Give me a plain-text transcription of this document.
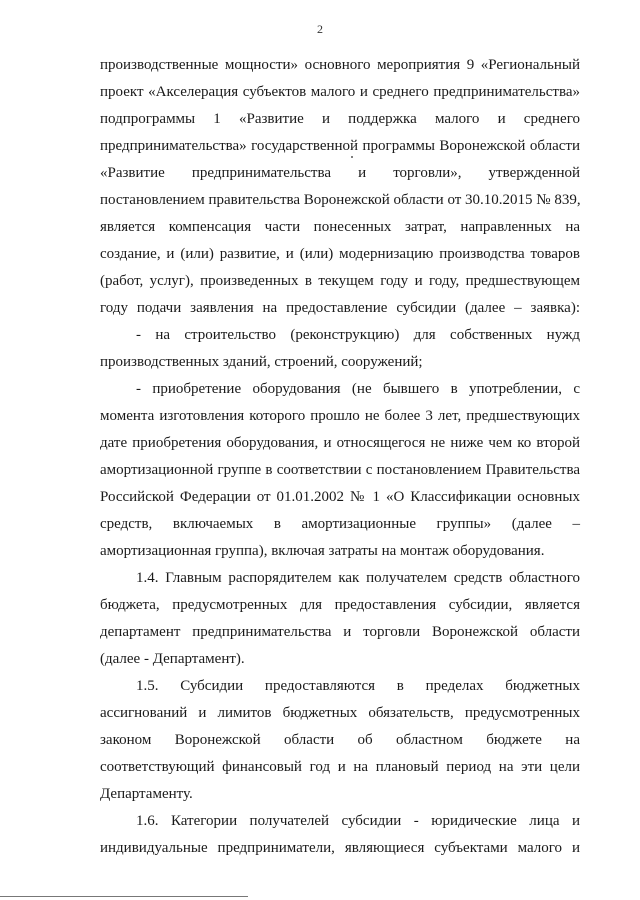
2
производственные мощности» основного мероприятия 9 «Региональный
проект «Акселерация субъектов малого и среднего предпринимательства»
подпрограммы 1 «Развитие и поддержка малого и среднего
предпринимательства» государственной программы Воронежской области
«Развитие предпринимательства и торговли», утвержденной
постановлением правительства Воронежской области от 30.10.2015 № 839,
является компенсация части понесенных затрат, направленных на
создание, и (или) развитие, и (или) модернизацию производства товаров
(работ, услуг), произведенных в текущем году и году, предшествующем
году подачи заявления на предоставление субсидии (далее – заявка):
- на строительство (реконструкцию) для собственных нужд
производственных зданий, строений, сооружений;
- приобретение оборудования (не бывшего в употреблении, с
момента изготовления которого прошло не более 3 лет, предшествующих
дате приобретения оборудования, и относящегося не ниже чем ко второй
амортизационной группе в соответствии с постановлением Правительства
Российской Федерации от 01.01.2002 № 1 «О Классификации основных
средств, включаемых в амортизационные группы» (далее –
амортизационная группа), включая затраты на монтаж оборудования.
1.4. Главным распорядителем как получателем средств областного
бюджета, предусмотренных для предоставления субсидии, является
департамент предпринимательства и торговли Воронежской области
(далее - Департамент).
1.5. Субсидии предоставляются в пределах бюджетных
ассигнований и лимитов бюджетных обязательств, предусмотренных
законом Воронежской области об областном бюджете на
соответствующий финансовый год и на плановый период на эти цели
Департаменту.
1.6. Категории получателей субсидии - юридические лица и
индивидуальные предприниматели, являющиеся субъектами малого и
